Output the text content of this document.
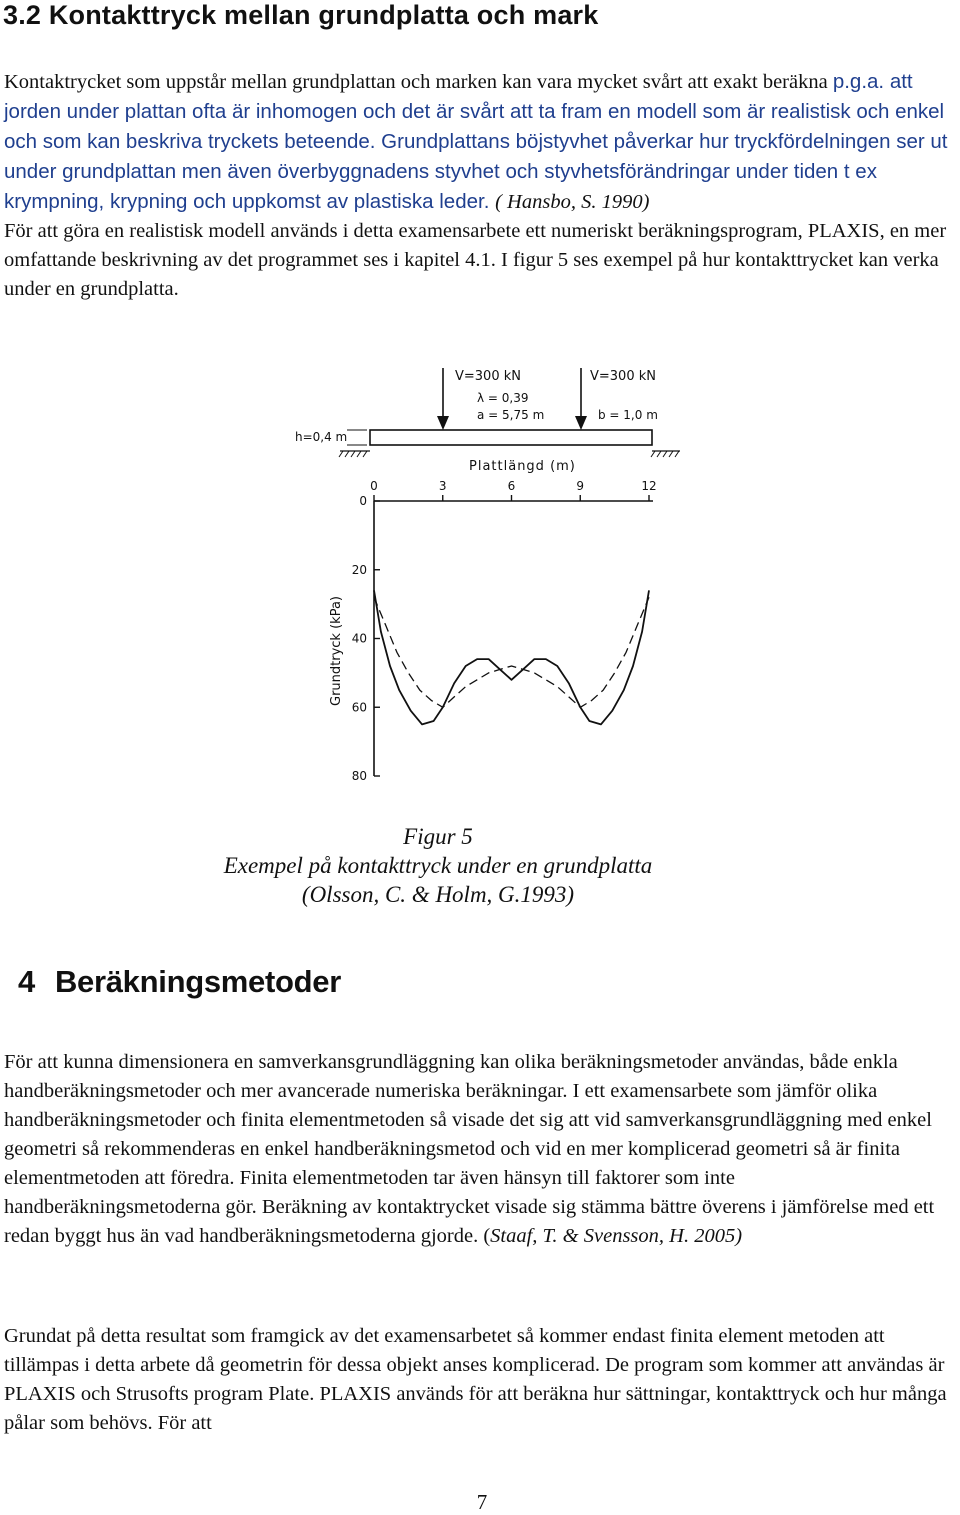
3.2 Kontakttryck mellan grundplatta och mark
Kontaktrycket som uppstår mellan grundplattan och marken kan vara mycket svårt att exakt beräkna p.g.a. att jorden under plattan ofta är inhomogen och det är svårt att ta fram en modell som är realistisk och enkel och som kan beskriva tryckets beteende. Grundplattans böjstyvhet påverkar hur tryckfördelningen ser ut under grundplattan men även överbyggnadens styvhet och styvhetsförändringar under tiden t ex krympning, krypning och uppkomst av plastiska leder. ( Hansbo, S. 1990)
För att göra en realistisk modell används i detta examensarbete ett numeriskt beräkningsprogram, PLAXIS, en mer omfattande beskrivning av det programmet ses i kapitel 4.1. I figur 5 ses exempel på hur kontakttrycket kan verka under en grundplatta.
V=300 kN	V=300 kN
λ = 0,39
a = 5,75 m	b = 1,0 m
h=0,4 m
Plattlängd (m)
0	3	6	9	12
0
20
40
60
80
Grundtryck (kPa)
Figur 5
Exempel på kontakttryck under en grundplatta
(Olsson, C. & Holm, G.1993)
4 Beräkningsmetoder
För att kunna dimensionera en samverkansgrundläggning kan olika beräkningsmetoder användas, både enkla handberäkningsmetoder och mer avancerade numeriska beräkningar. I ett examensarbete som jämför olika handberäkningsmetoder och finita elementmetoden så visade det sig att vid samverkansgrundläggning med enkel geometri så rekommenderas en enkel handberäkningsmetod och vid en mer komplicerad geometri så är finita elementmetoden att föredra. Finita elementmetoden tar även hänsyn till faktorer som inte handberäkningsmetoderna gör. Beräkning av kontaktrycket visade sig stämma bättre överens i jämförelse med ett redan byggt hus än vad handberäkningsmetoderna gjorde. (Staaf, T. & Svensson, H. 2005)
Grundat på detta resultat som framgick av det examensarbetet så kommer endast finita element metoden att tillämpas i detta arbete då geometrin för dessa objekt anses komplicerad. De program som kommer att användas är PLAXIS och Strusofts program Plate. PLAXIS används för att beräkna hur sättningar, kontakttryck och hur många pålar som behövs. För att
7
